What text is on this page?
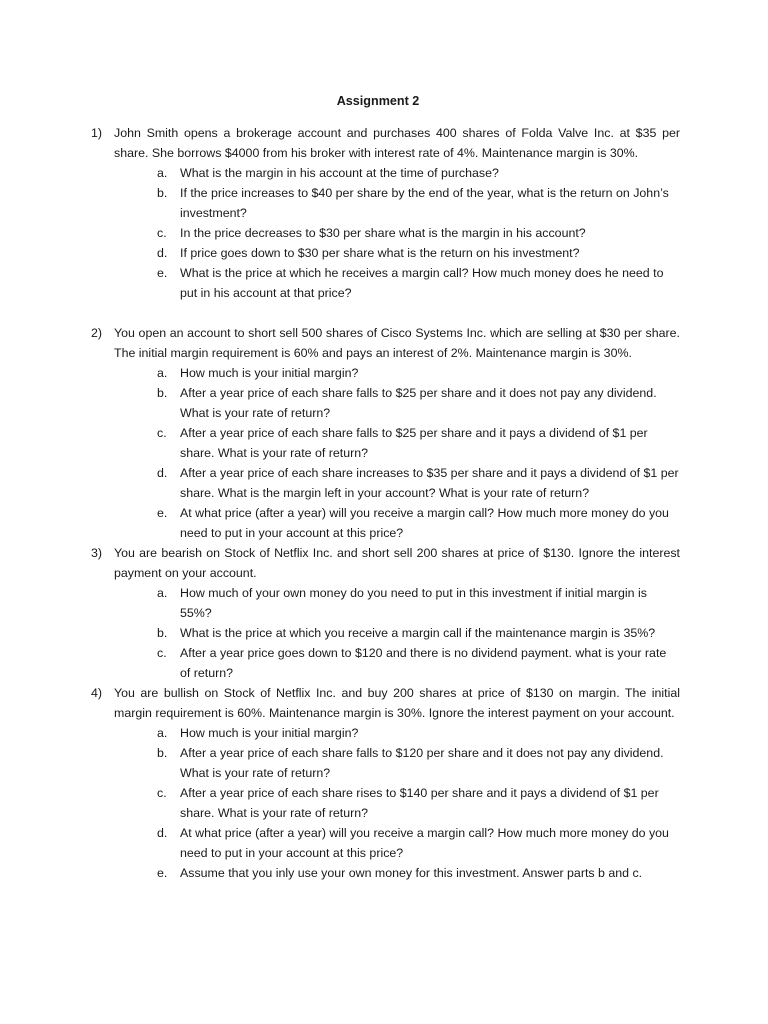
Assignment 2
1) John Smith opens a brokerage account and purchases 400 shares of Folda Valve Inc. at $35 per share. She borrows $4000 from his broker with interest rate of 4%. Maintenance margin is 30%.
a. What is the margin in his account at the time of purchase?
b. If the price increases to $40 per share by the end of the year, what is the return on John’s investment?
c. In the price decreases to $30 per share what is the margin in his account?
d. If price goes down to $30 per share what is the return on his investment?
e. What is the price at which he receives a margin call? How much money does he need to put in his account at that price?
2) You open an account to short sell 500 shares of Cisco Systems Inc. which are selling at $30 per share. The initial margin requirement is 60% and pays an interest of 2%. Maintenance margin is 30%.
a. How much is your initial margin?
b. After a year price of each share falls to $25 per share and it does not pay any dividend. What is your rate of return?
c. After a year price of each share falls to $25 per share and it pays a dividend of $1 per share. What is your rate of return?
d. After a year price of each share increases to $35 per share and it pays a dividend of $1 per share. What is the margin left in your account? What is your rate of return?
e. At what price (after a year) will you receive a margin call? How much more money do you need to put in your account at this price?
3) You are bearish on Stock of Netflix Inc. and short sell 200 shares at price of $130. Ignore the interest payment on your account.
a. How much of your own money do you need to put in this investment if initial margin is 55%?
b. What is the price at which you receive a margin call if the maintenance margin is 35%?
c. After a year price goes down to $120 and there is no dividend payment. what is your rate of return?
4) You are bullish on Stock of Netflix Inc. and buy 200 shares at price of $130 on margin. The initial margin requirement is 60%. Maintenance margin is 30%. Ignore the interest payment on your account.
a. How much is your initial margin?
b. After a year price of each share falls to $120 per share and it does not pay any dividend. What is your rate of return?
c. After a year price of each share rises to $140 per share and it pays a dividend of $1 per share. What is your rate of return?
d. At what price (after a year) will you receive a margin call? How much more money do you need to put in your account at this price?
e. Assume that you inly use your own money for this investment. Answer parts b and c.
